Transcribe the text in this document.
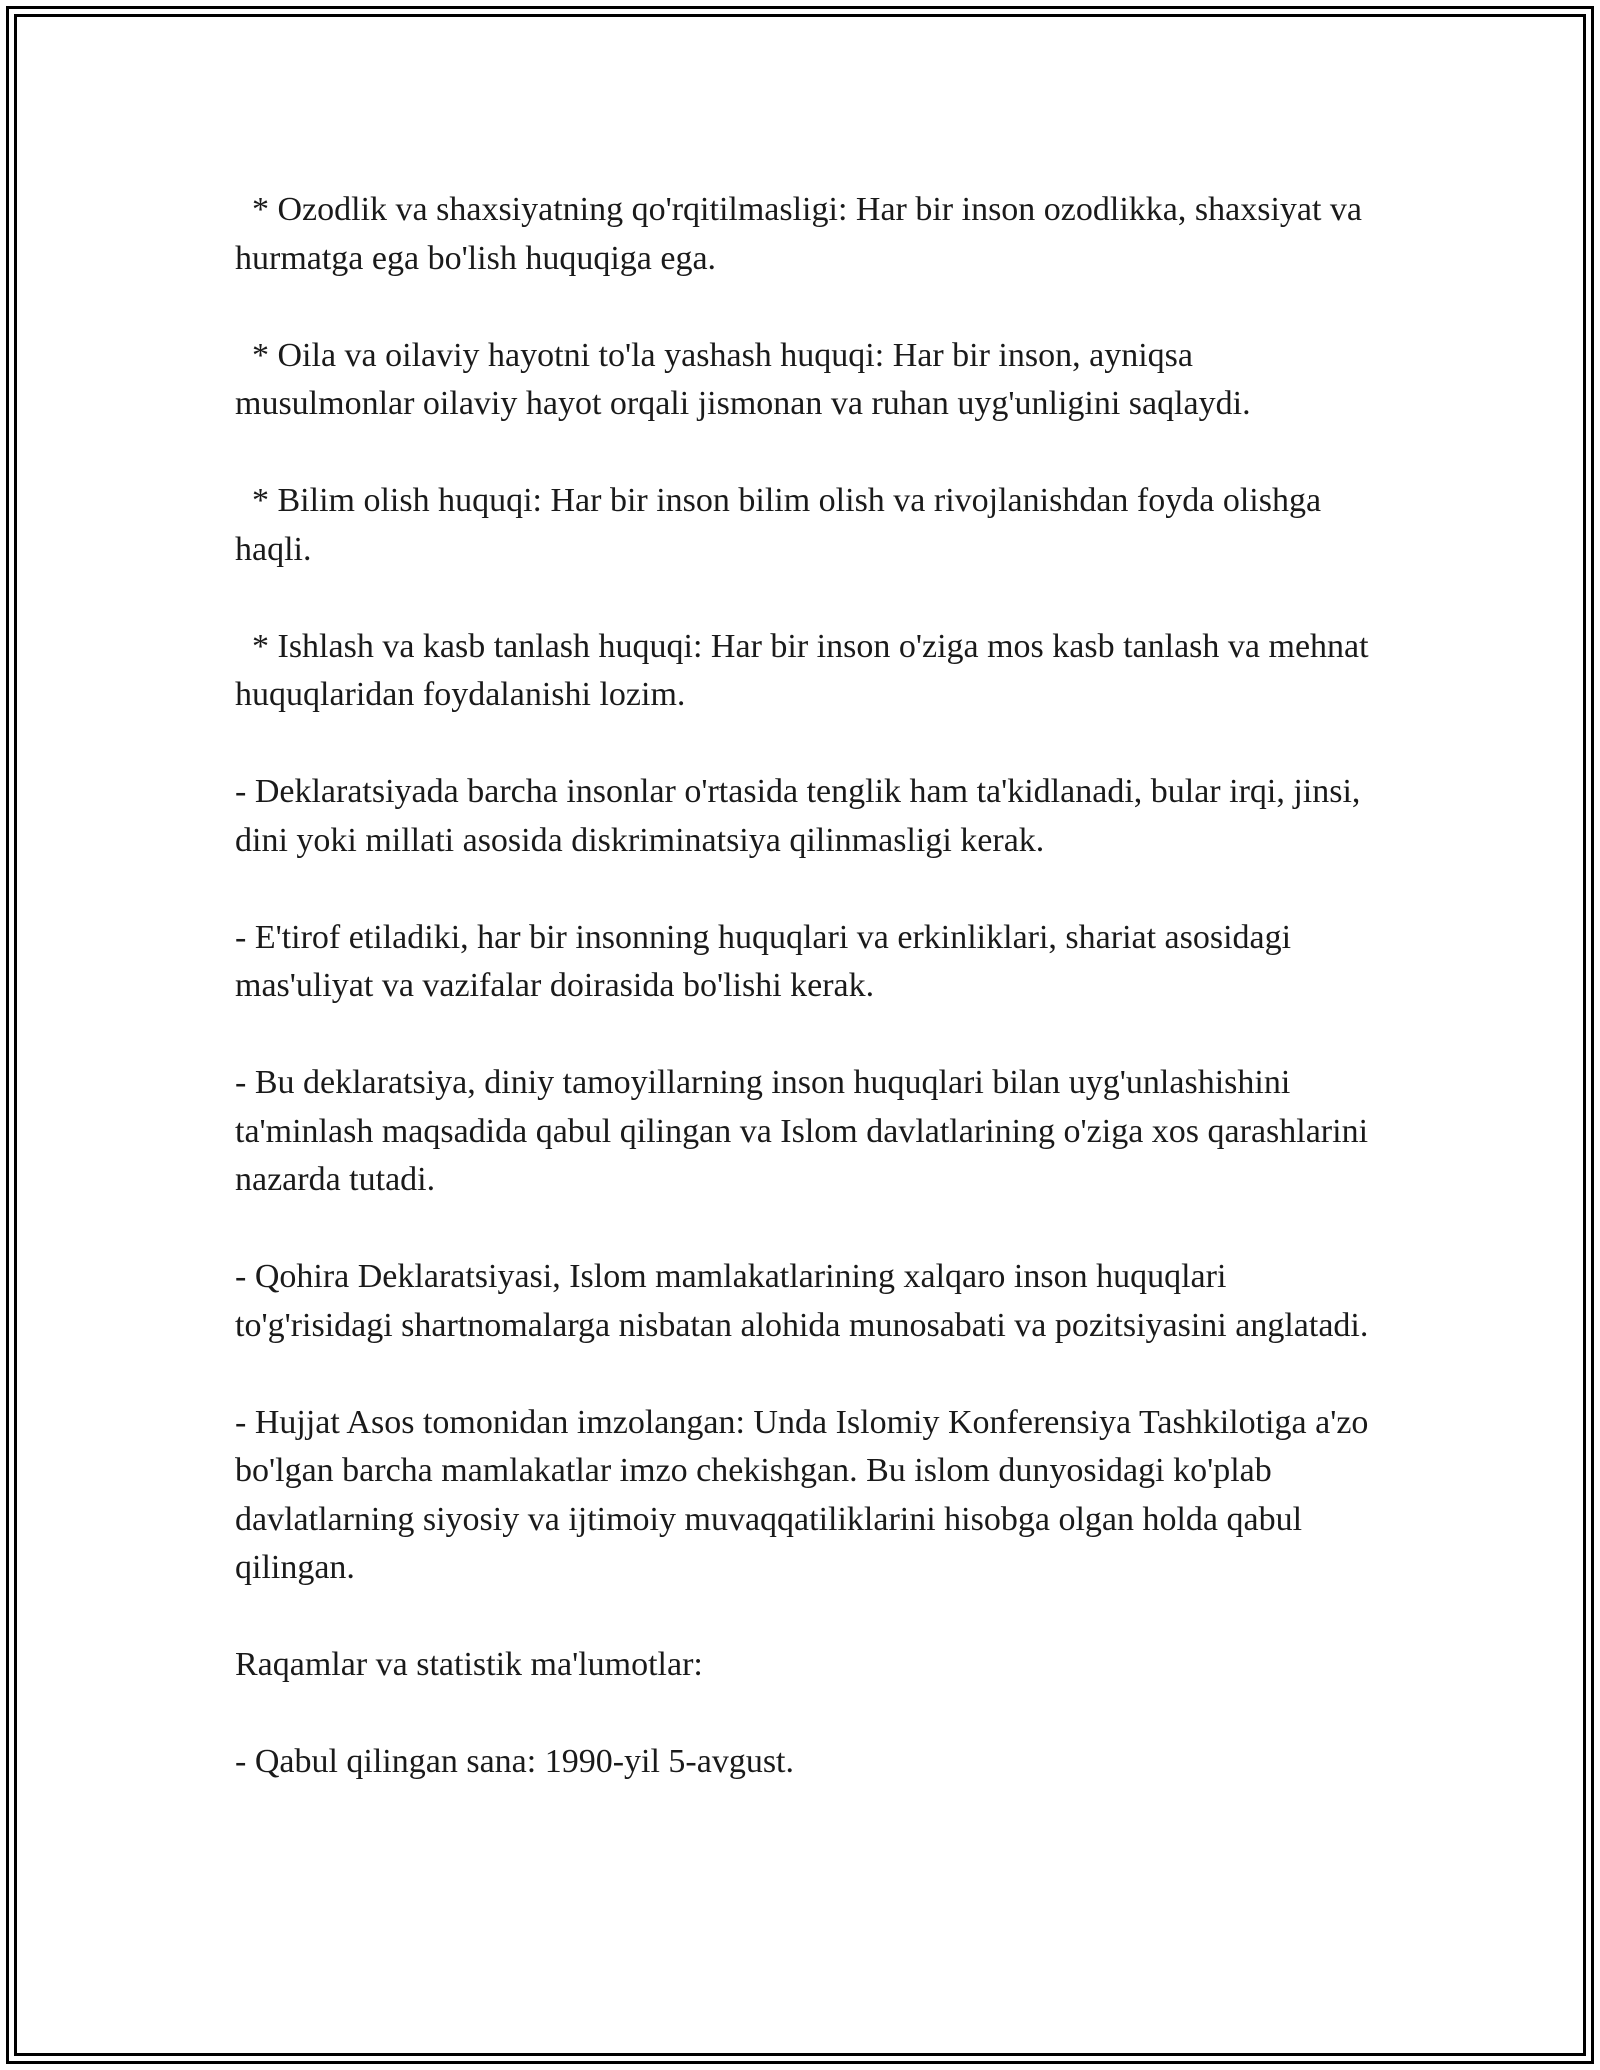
* Ozodlik va shaxsiyatning qo'rqitilmasligi: Har bir inson ozodlikka, shaxsiyat va hurmatga ega bo'lish huquqiga ega.

* Oila va oilaviy hayotni to'la yashash huquqi: Har bir inson, ayniqsa musulmonlar oilaviy hayot orqali jismonan va ruhan uyg'unligini saqlaydi.

* Bilim olish huquqi: Har bir inson bilim olish va rivojlanishdan foyda olishga haqli.

* Ishlash va kasb tanlash huquqi: Har bir inson o'ziga mos kasb tanlash va mehnat huquqlaridan foydalanishi lozim.

- Deklaratsiyada barcha insonlar o'rtasida tenglik ham ta'kidlanadi, bular irqi, jinsi, dini yoki millati asosida diskriminatsiya qilinmasligi kerak.

- E'tirof etiladiki, har bir insonning huquqlari va erkinliklari, shariat asosidagi mas'uliyat va vazifalar doirasida bo'lishi kerak.

- Bu deklaratsiya, diniy tamoyillarning inson huquqlari bilan uyg'unlashishini ta'minlash maqsadida qabul qilingan va Islom davlatlarining o'ziga xos qarashlarini nazarda tutadi.

- Qohira Deklaratsiyasi, Islom mamlakatlarining xalqaro inson huquqlari to'g'risidagi shartnomalarga nisbatan alohida munosabati va pozitsiyasini anglatadi.

- Hujjat Asos tomonidan imzolangan: Unda Islomiy Konferensiya Tashkilotiga a'zo bo'lgan barcha mamlakatlar imzo chekishgan. Bu islom dunyosidagi ko'plab davlatlarning siyosiy va ijtimoiy muvaqqatiliklarini hisobga olgan holda qabul qilingan.

Raqamlar va statistik ma'lumotlar:

- Qabul qilingan sana: 1990-yil 5-avgust.
